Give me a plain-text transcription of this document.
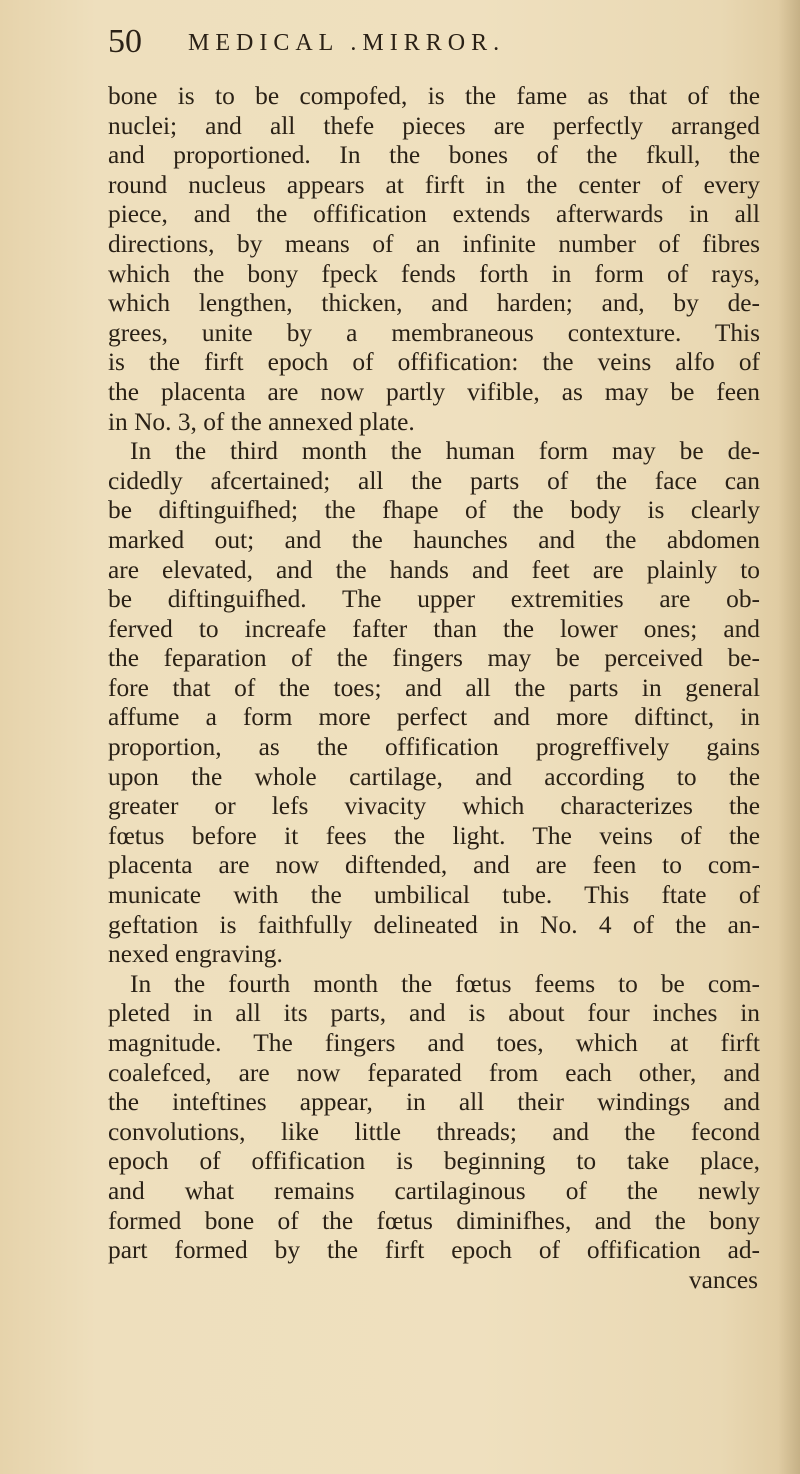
50 MEDICAL .MIRROR.
bone is to be compofed, is the fame as that of the
nuclei; and all thefe pieces are perfectly arranged
and proportioned. In the bones of the fkull, the
round nucleus appears at firft in the center of every
piece, and the offification extends afterwards in all
directions, by means of an infinite number of fibres
which the bony fpeck fends forth in form of rays,
which lengthen, thicken, and harden; and, by de-
grees, unite by a membraneous contexture. This
is the firft epoch of offification: the veins alfo of
the placenta are now partly vifible, as may be feen
in No. 3, of the annexed plate.
In the third month the human form may be de-
cidedly afcertained; all the parts of the face can
be diftinguifhed; the fhape of the body is clearly
marked out; and the haunches and the abdomen
are elevated, and the hands and feet are plainly to
be diftinguifhed. The upper extremities are ob-
ferved to increafe fafter than the lower ones; and
the feparation of the fingers may be perceived be-
fore that of the toes; and all the parts in general
affume a form more perfect and more diftinct, in
proportion, as the offification progreffively gains
upon the whole cartilage, and according to the
greater or lefs vivacity which characterizes the
fœtus before it fees the light. The veins of the
placenta are now diftended, and are feen to com-
municate with the umbilical tube. This ftate of
geftation is faithfully delineated in No. 4 of the an-
nexed engraving.
In the fourth month the fœtus feems to be com-
pleted in all its parts, and is about four inches in
magnitude. The fingers and toes, which at firft
coalefced, are now feparated from each other, and
the inteftines appear, in all their windings and
convolutions, like little threads; and the fecond
epoch of offification is beginning to take place,
and what remains cartilaginous of the newly
formed bone of the fœtus diminifhes, and the bony
part formed by the firft epoch of offification ad-
vances
